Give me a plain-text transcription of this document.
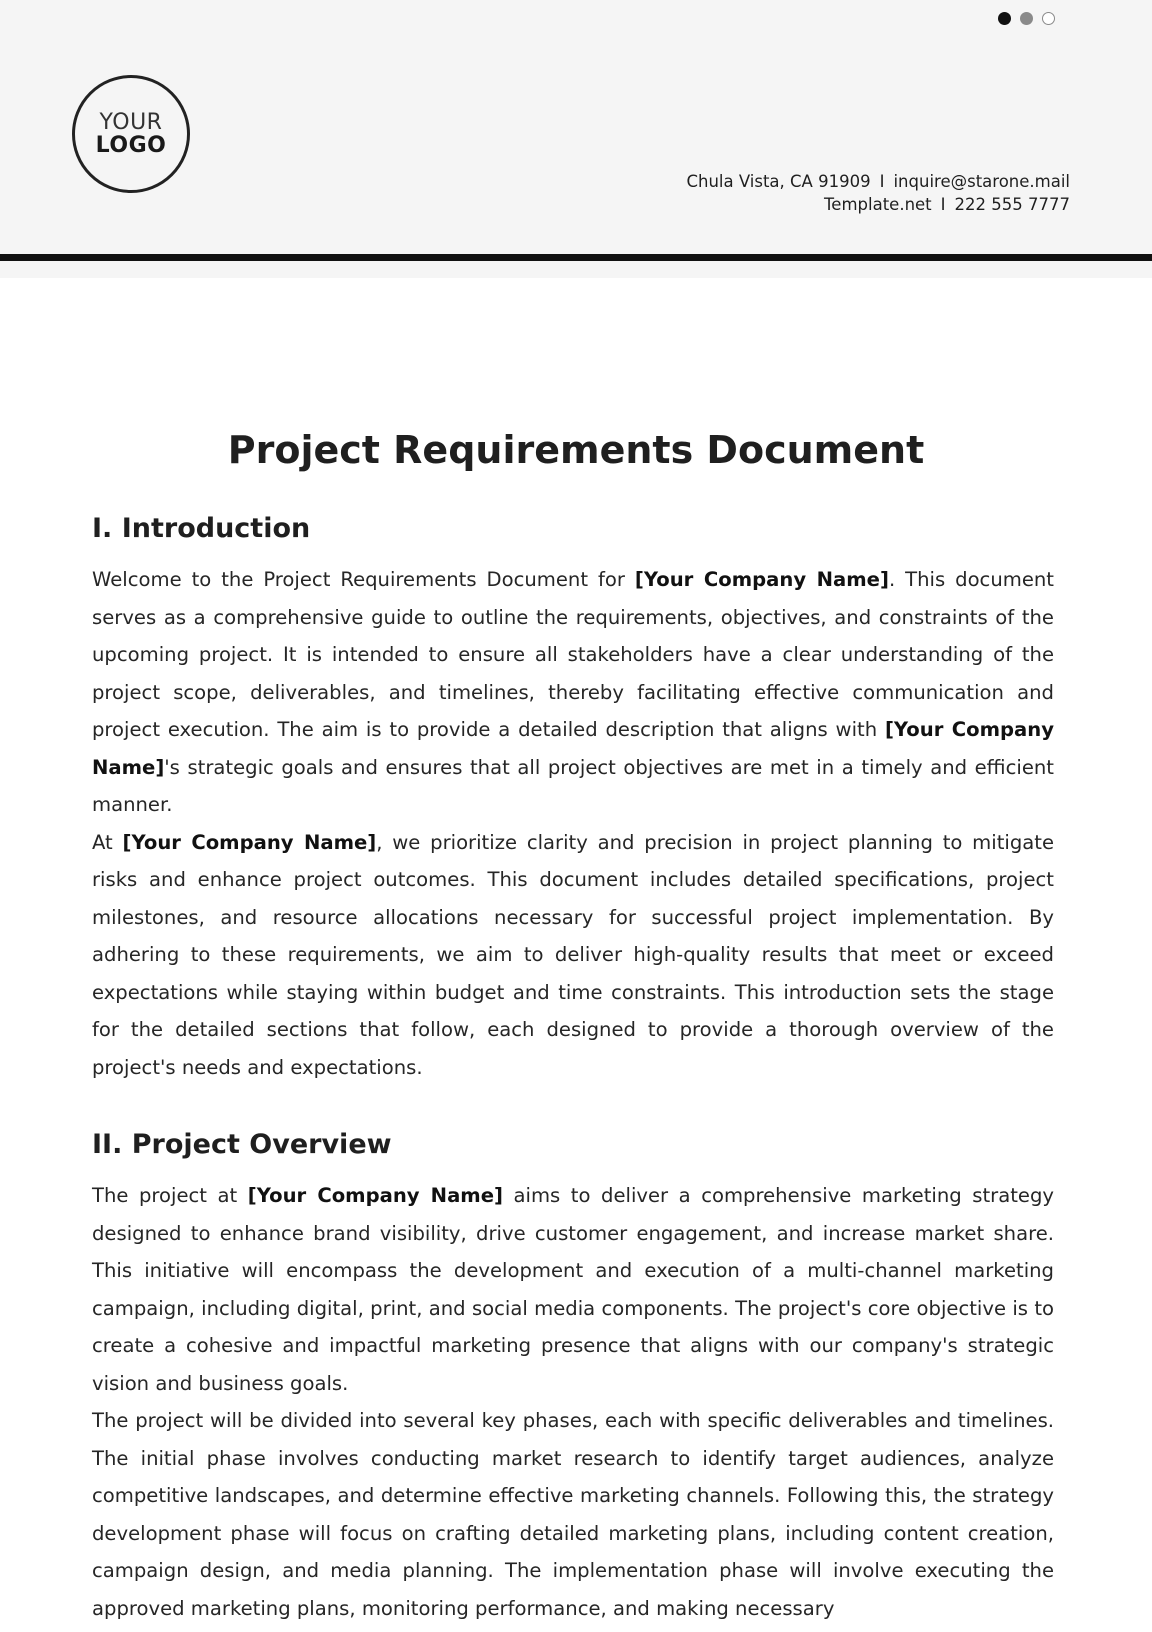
YOUR
LOGO
Chula Vista, CA 91909 I inquire@starone.mail
Template.net I 222 555 7777
Project Requirements Document
I. Introduction

Welcome to the Project Requirements Document for [Your Company Name]. This document serves as a comprehensive guide to outline the requirements, objectives, and constraints of the upcoming project. It is intended to ensure all stakeholders have a clear understanding of the project scope, deliverables, and timelines, thereby facilitating effective communication and project execution. The aim is to provide a detailed description that aligns with [Your Company Name]'s strategic goals and ensures that all project objectives are met in a timely and efficient manner.

At [Your Company Name], we prioritize clarity and precision in project planning to mitigate risks and enhance project outcomes. This document includes detailed specifications, project milestones, and resource allocations necessary for successful project implementation. By adhering to these requirements, we aim to deliver high-quality results that meet or exceed expectations while staying within budget and time constraints. This introduction sets the stage for the detailed sections that follow, each designed to provide a thorough overview of the project's needs and expectations.

II. Project Overview

The project at [Your Company Name] aims to deliver a comprehensive marketing strategy designed to enhance brand visibility, drive customer engagement, and increase market share. This initiative will encompass the development and execution of a multi-channel marketing campaign, including digital, print, and social media components. The project's core objective is to create a cohesive and impactful marketing presence that aligns with our company's strategic vision and business goals.

The project will be divided into several key phases, each with specific deliverables and timelines. The initial phase involves conducting market research to identify target audiences, analyze competitive landscapes, and determine effective marketing channels. Following this, the strategy development phase will focus on crafting detailed marketing plans, including content creation, campaign design, and media planning. The implementation phase will involve executing the approved marketing plans, monitoring performance, and making necessary
